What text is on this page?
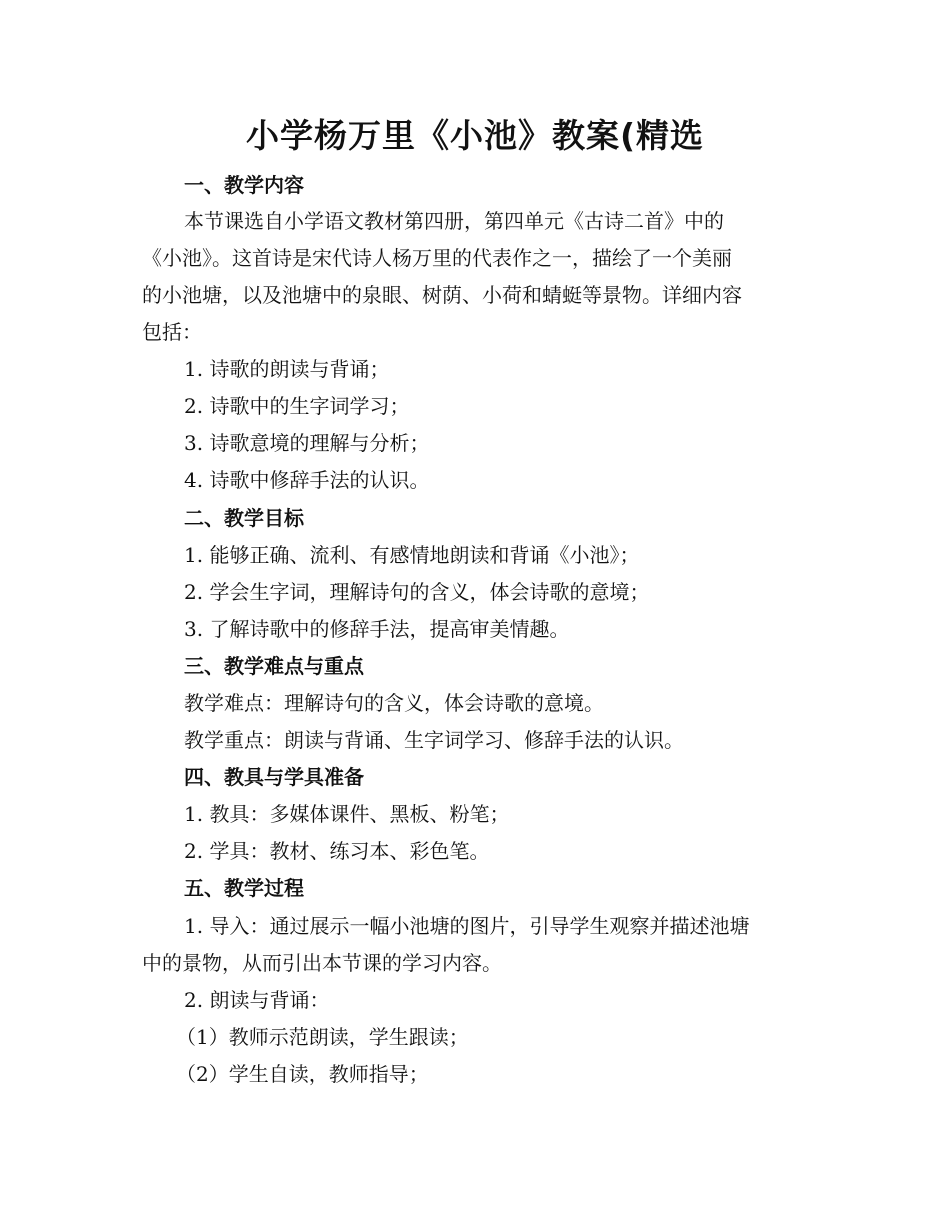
小学杨万里《小池》教案(精选
一、教学内容
本节课选自小学语文教材第四册，第四单元《古诗二首》中的
《小池》。这首诗是宋代诗人杨万里的代表作之一，描绘了一个美丽
的小池塘，以及池塘中的泉眼、树荫、小荷和蜻蜓等景物。详细内容
包括：
1. 诗歌的朗读与背诵；
2. 诗歌中的生字词学习；
3. 诗歌意境的理解与分析；
4. 诗歌中修辞手法的认识。
二、教学目标
1. 能够正确、流利、有感情地朗读和背诵《小池》；
2. 学会生字词，理解诗句的含义，体会诗歌的意境；
3. 了解诗歌中的修辞手法，提高审美情趣。
三、教学难点与重点
教学难点：理解诗句的含义，体会诗歌的意境。
教学重点：朗读与背诵、生字词学习、修辞手法的认识。
四、教具与学具准备
1. 教具：多媒体课件、黑板、粉笔；
2. 学具：教材、练习本、彩色笔。
五、教学过程
1. 导入：通过展示一幅小池塘的图片，引导学生观察并描述池塘
中的景物，从而引出本节课的学习内容。
2. 朗读与背诵：
（1）教师示范朗读，学生跟读；
（2）学生自读，教师指导；
